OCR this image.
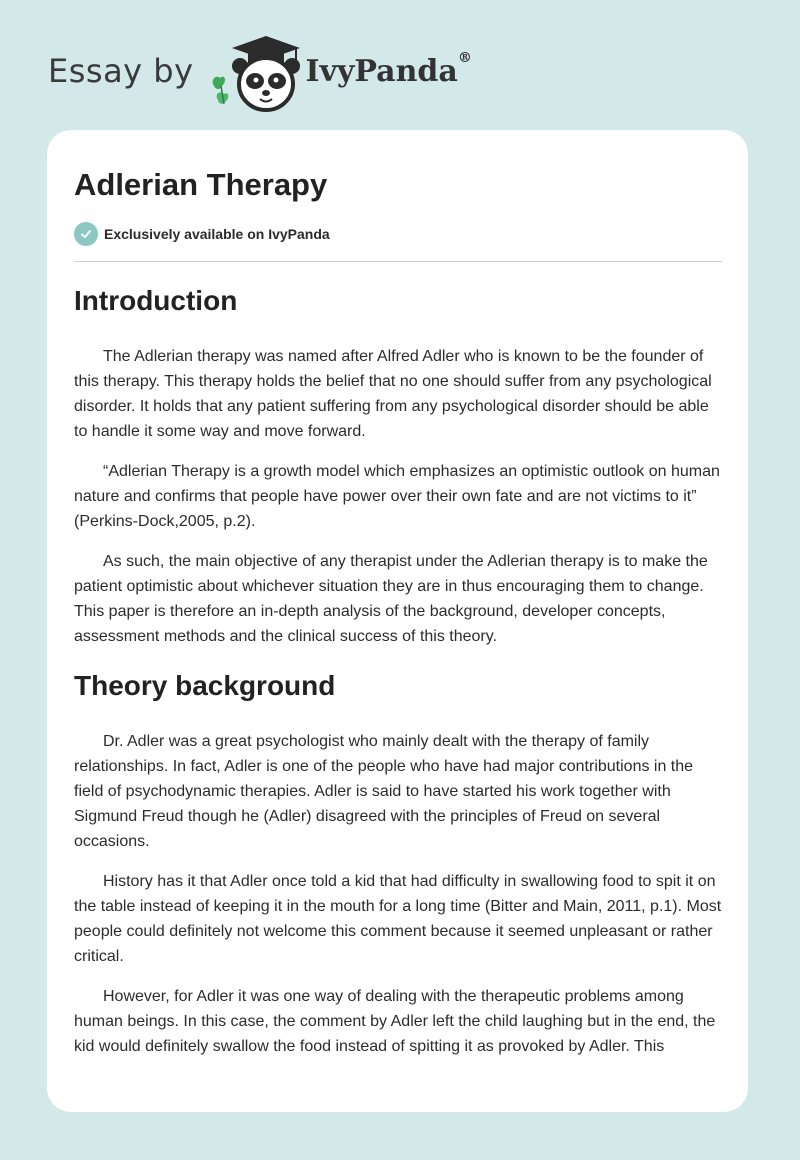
Essay by	IvyPanda®
Adlerian Therapy
Exclusively available on IvyPanda
Introduction

The Adlerian therapy was named after Alfred Adler who is known to be the founder of this therapy. This therapy holds the belief that no one should suffer from any psychological disorder. It holds that any patient suffering from any psychological disorder should be able to handle it some way and move forward.

“Adlerian Therapy is a growth model which emphasizes an optimistic outlook on human nature and confirms that people have power over their own fate and are not victims to it” (Perkins-Dock,2005, p.2).

As such, the main objective of any therapist under the Adlerian therapy is to make the patient optimistic about whichever situation they are in thus encouraging them to change. This paper is therefore an in-depth analysis of the background, developer concepts, assessment methods and the clinical success of this theory.

Theory background

Dr. Adler was a great psychologist who mainly dealt with the therapy of family relationships. In fact, Adler is one of the people who have had major contributions in the field of psychodynamic therapies. Adler is said to have started his work together with Sigmund Freud though he (Adler) disagreed with the principles of Freud on several occasions.

History has it that Adler once told a kid that had difficulty in swallowing food to spit it on the table instead of keeping it in the mouth for a long time (Bitter and Main, 2011, p.1). Most people could definitely not welcome this comment because it seemed unpleasant or rather critical.

However, for Adler it was one way of dealing with the therapeutic problems among human beings. In this case, the comment by Adler left the child laughing but in the end, the kid would definitely swallow the food instead of spitting it as provoked by Adler. This
